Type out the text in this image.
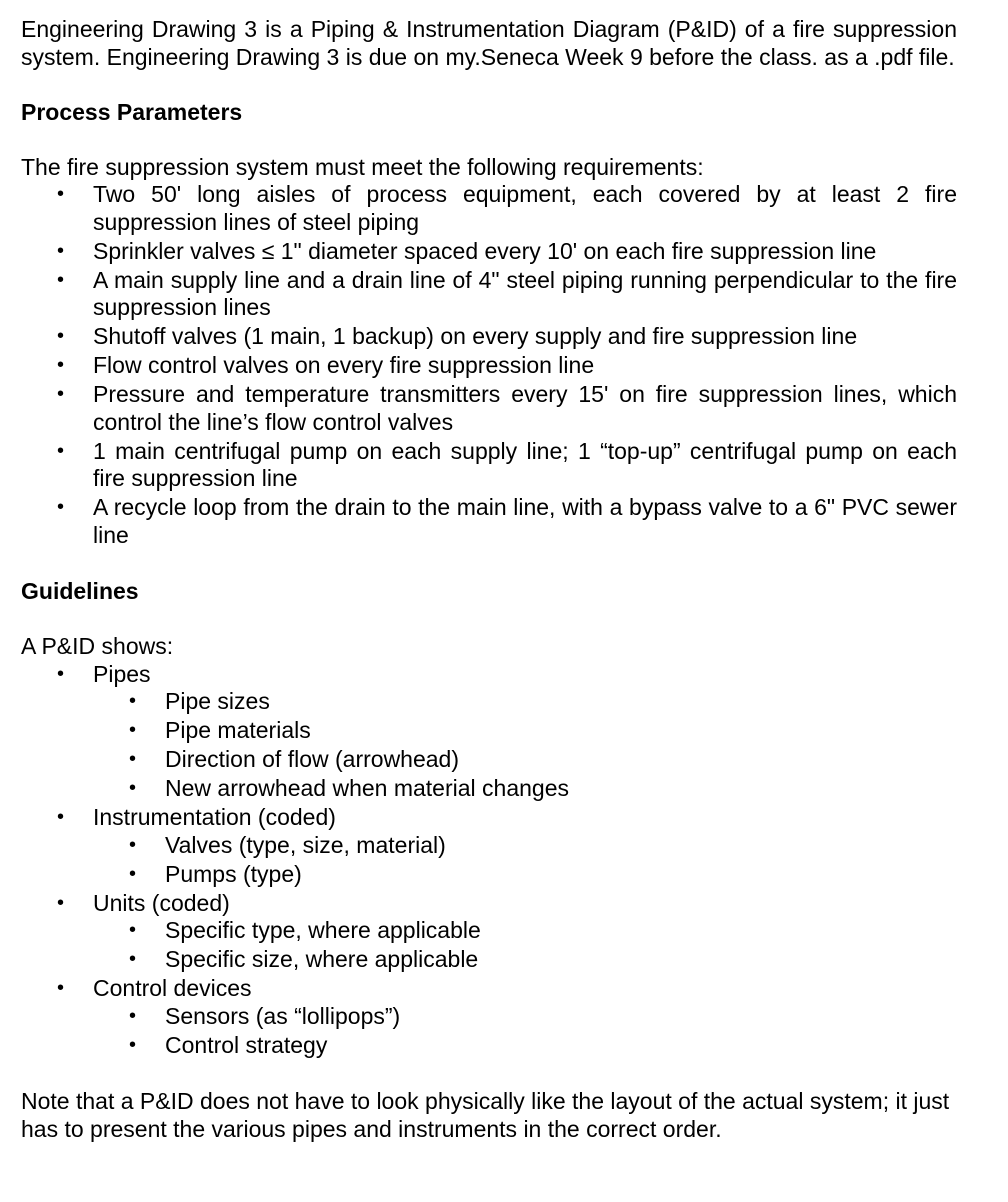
Engineering Drawing 3 is a Piping & Instrumentation Diagram (P&ID) of a fire suppression system. Engineering Drawing 3 is due on my.Seneca Week 9 before the class. as a .pdf file.

Process Parameters

The fire suppression system must meet the following requirements:

• Two 50' long aisles of process equipment, each covered by at least 2 fire suppression lines of steel piping
• Sprinkler valves ≤ 1" diameter spaced every 10' on each fire suppression line
• A main supply line and a drain line of 4" steel piping running perpendicular to the fire suppression lines
• Shutoff valves (1 main, 1 backup) on every supply and fire suppression line
• Flow control valves on every fire suppression line
• Pressure and temperature transmitters every 15' on fire suppression lines, which control the line’s flow control valves
• 1 main centrifugal pump on each supply line; 1 “top-up” centrifugal pump on each fire suppression line
• A recycle loop from the drain to the main line, with a bypass valve to a 6" PVC sewer line

Guidelines

A P&ID shows:

• Pipes
• Pipe sizes
• Pipe materials
• Direction of flow (arrowhead)
• New arrowhead when material changes
• Instrumentation (coded)
• Valves (type, size, material)
• Pumps (type)
• Units (coded)
• Specific type, where applicable
• Specific size, where applicable
• Control devices
• Sensors (as “lollipops”)
• Control strategy

Note that a P&ID does not have to look physically like the layout of the actual system; it just has to present the various pipes and instruments in the correct order.
